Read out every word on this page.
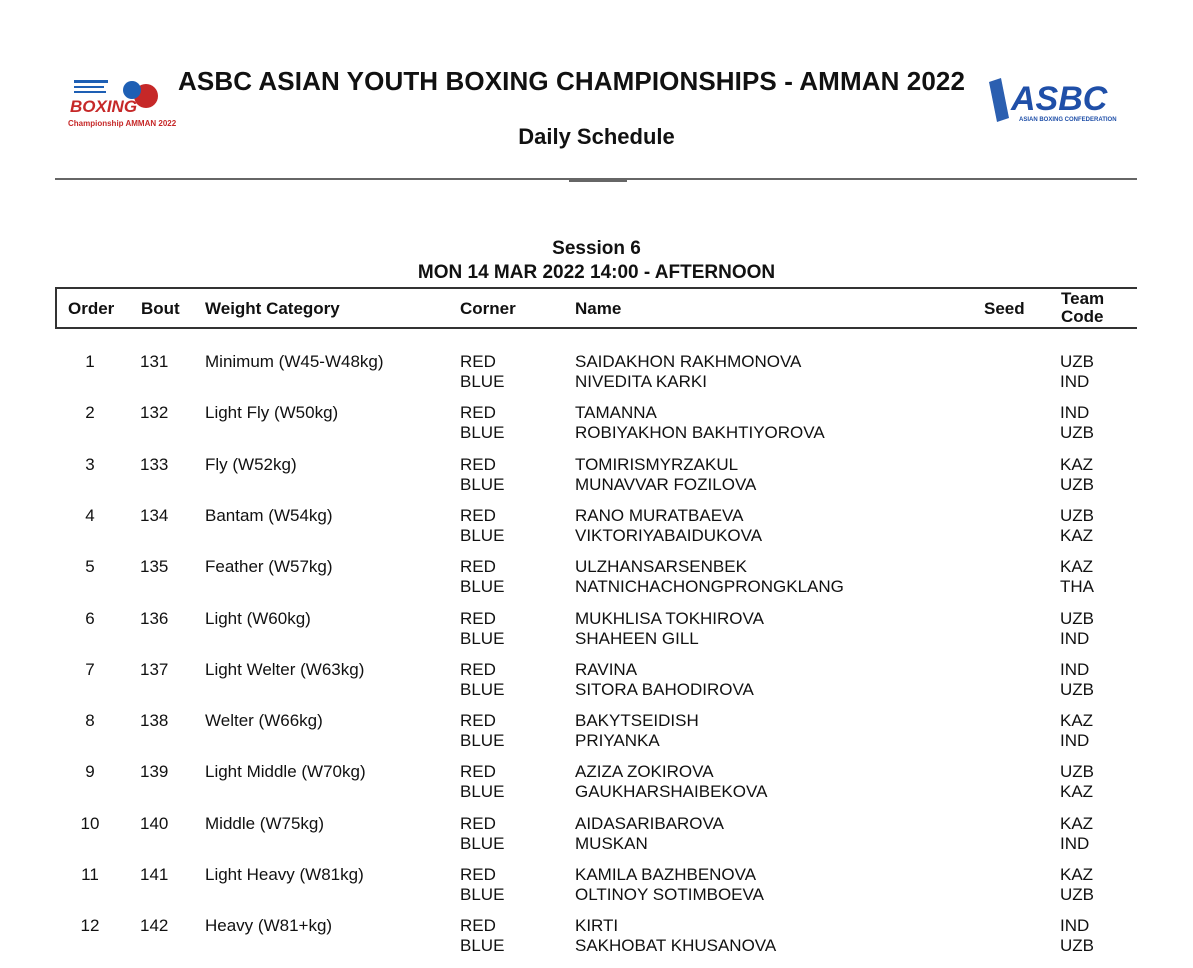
BOXING
Championship AMMAN 2022
ASBC
ASIAN BOXING CONFEDERATION
ASBC ASIAN YOUTH BOXING CHAMPIONSHIPS - AMMAN 2022
Daily Schedule
Session 6
MON 14 MAR 2022 14:00 - AFTERNOON
Order Bout Weight Category	Corner	Name	Seed
Team
Code
1	131 Minimum (W45-W48kg)	RED	SAIDAKHON RAKHMONOVA	UZB
BLUE	NIVEDITA KARKI	IND
2	132 Light Fly (W50kg)	RED	TAMANNA	IND
BLUE	ROBIYAKHON BAKHTIYOROVA	UZB
3	133 Fly (W52kg)	RED	TOMIRISMYRZAKUL	KAZ
BLUE	MUNAVVAR FOZILOVA	UZB
4	134 Bantam (W54kg)	RED	RANO MURATBAEVA	UZB
BLUE	VIKTORIYABAIDUKOVA	KAZ
5	135 Feather (W57kg)	RED	ULZHANSARSENBEK	KAZ
BLUE	NATNICHACHONGPRONGKLANG	THA
6	136 Light (W60kg)	RED	MUKHLISA TOKHIROVA	UZB
BLUE	SHAHEEN GILL	IND
7	137 Light Welter (W63kg)	RED	RAVINA	IND
BLUE	SITORA BAHODIROVA	UZB
8	138 Welter (W66kg)	RED	BAKYTSEIDISH	KAZ
BLUE	PRIYANKA	IND
9	139 Light Middle (W70kg)	RED	AZIZA ZOKIROVA	UZB
BLUE	GAUKHARSHAIBEKOVA	KAZ
10	140 Middle (W75kg)	RED	AIDASARIBAROVA	KAZ
BLUE	MUSKAN	IND
11	141 Light Heavy (W81kg)	RED	KAMILA BAZHBENOVA	KAZ
BLUE	OLTINOY SOTIMBOEVA	UZB
12	142 Heavy (W81+kg)	RED	KIRTI	IND
BLUE	SAKHOBAT KHUSANOVA	UZB
